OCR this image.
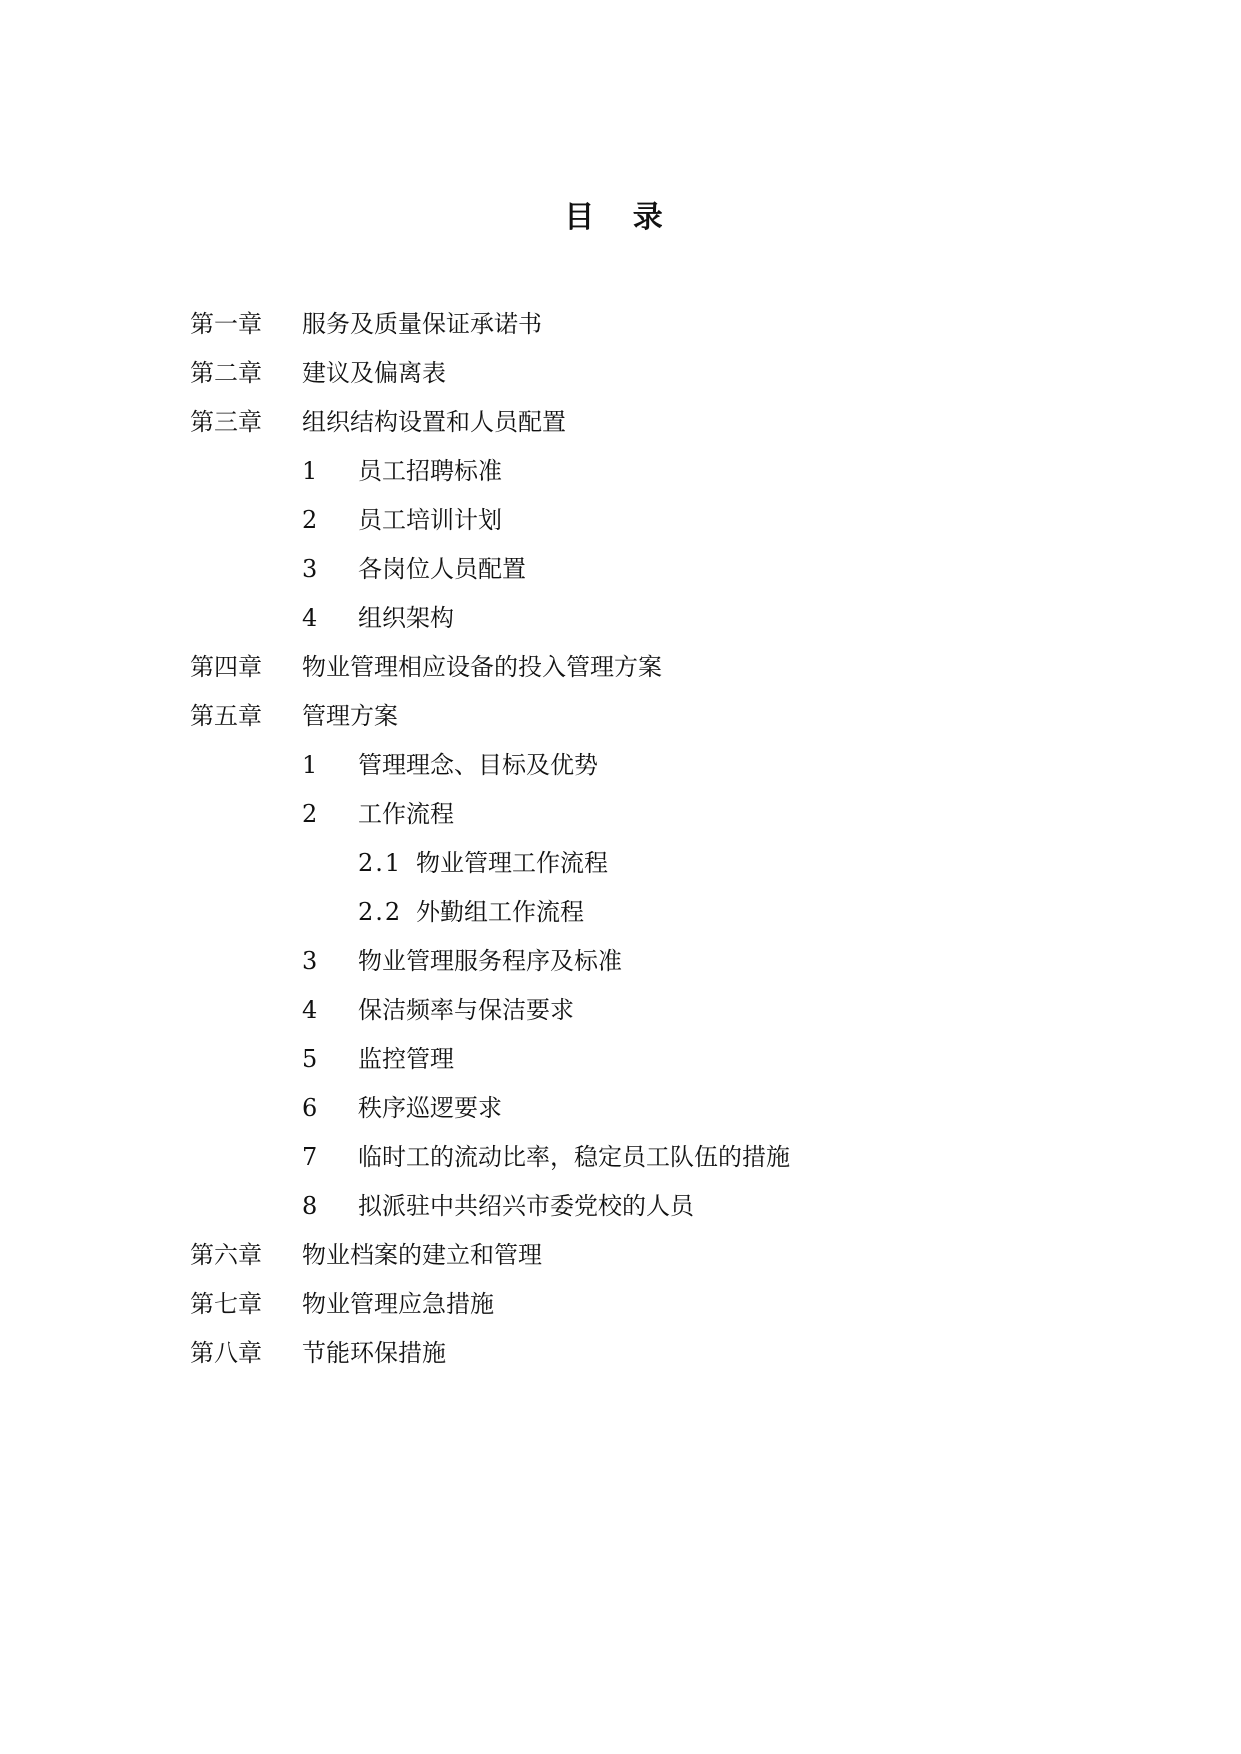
目 录
第一章 服务及质量保证承诺书
第二章 建议及偏离表
第三章 组织结构设置和人员配置
1 员工招聘标准
2 员工培训计划
3 各岗位人员配置
4 组织架构
第四章 物业管理相应设备的投入管理方案
第五章 管理方案
1 管理理念、目标及优势
2 工作流程
2.1 物业管理工作流程
2.2 外勤组工作流程
3 物业管理服务程序及标准
4 保洁频率与保洁要求
5 监控管理
6 秩序巡逻要求
7 临时工的流动比率，稳定员工队伍的措施
8 拟派驻中共绍兴市委党校的人员
第六章 物业档案的建立和管理
第七章 物业管理应急措施
第八章 节能环保措施
